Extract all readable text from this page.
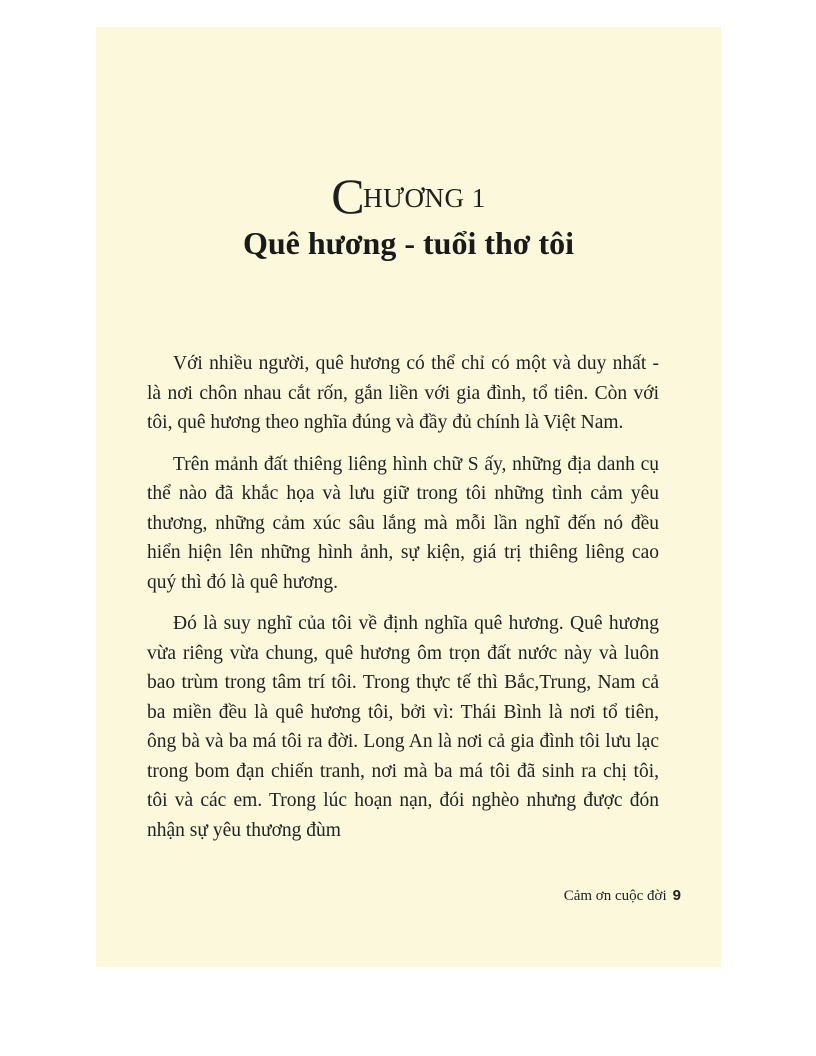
CHƯƠNG 1
Quê hương - tuổi thơ tôi

Với nhiều người, quê hương có thể chỉ có một và duy nhất - là nơi chôn nhau cắt rốn, gắn liền với gia đình, tổ tiên. Còn với tôi, quê hương theo nghĩa đúng và đầy đủ chính là Việt Nam.

Trên mảnh đất thiêng liêng hình chữ S ấy, những địa danh cụ thể nào đã khắc họa và lưu giữ trong tôi những tình cảm yêu thương, những cảm xúc sâu lắng mà mỗi lần nghĩ đến nó đều hiển hiện lên những hình ảnh, sự kiện, giá trị thiêng liêng cao quý thì đó là quê hương.

Đó là suy nghĩ của tôi về định nghĩa quê hương. Quê hương vừa riêng vừa chung, quê hương ôm trọn đất nước này và luôn bao trùm trong tâm trí tôi. Trong thực tế thì Bắc,Trung, Nam cả ba miền đều là quê hương tôi, bởi vì: Thái Bình là nơi tổ tiên, ông bà và ba má tôi ra đời. Long An là nơi cả gia đình tôi lưu lạc trong bom đạn chiến tranh, nơi mà ba má tôi đã sinh ra chị tôi, tôi và các em. Trong lúc hoạn nạn, đói nghèo nhưng được đón nhận sự yêu thương đùm

Cảm ơn cuộc đời 9
